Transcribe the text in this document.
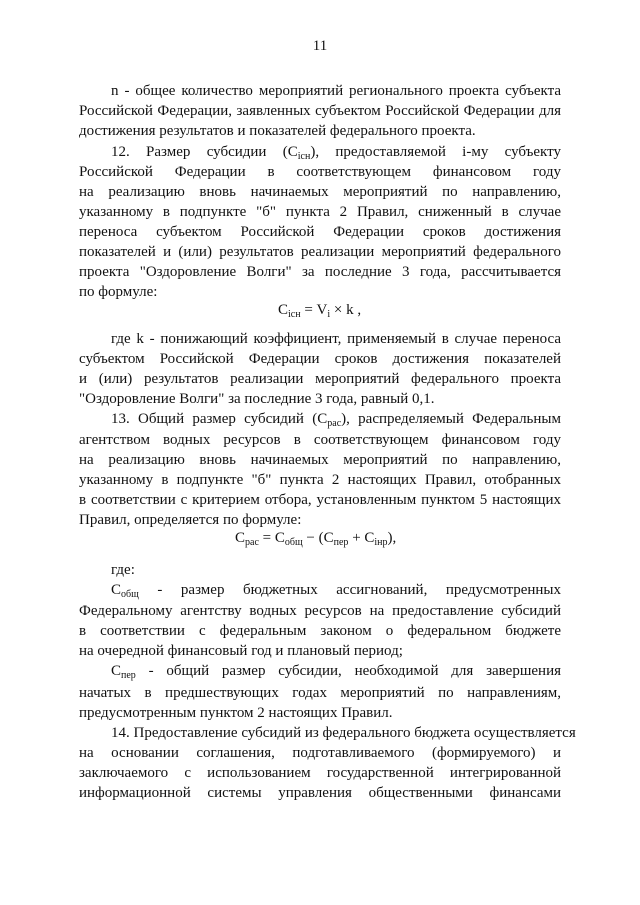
11
n - общее количество мероприятий регионального проекта субъекта
Российской Федерации, заявленных субъектом Российской Федерации для
достижения результатов и показателей федерального проекта.
12. Размер субсидии $(C_{iсн})$, предоставляемой i-му субъекту
Российской Федерации в соответствующем финансовом году
на реализацию вновь начинаемых мероприятий по направлению,
указанному в подпункте "б" пункта 2 Правил, сниженный в случае
переноса субъектом Российской Федерации сроков достижения
показателей и (или) результатов реализации мероприятий федерального
проекта "Оздоровление Волги" за последние 3 года, рассчитывается
по формуле:
$C_{iсн} = V_i \times k$ ,
где k - понижающий коэффициент, применяемый в случае переноса
субъектом Российской Федерации сроков достижения показателей
и (или) результатов реализации мероприятий федерального проекта
"Оздоровление Волги" за последние 3 года, равный 0,1.
13. Общий размер субсидий $(C_{рас})$, распределяемый Федеральным
агентством водных ресурсов в соответствующем финансовом году
на реализацию вновь начинаемых мероприятий по направлению,
указанному в подпункте "б" пункта 2 настоящих Правил, отобранных
в соответствии с критерием отбора, установленным пунктом 5 настоящих
Правил, определяется по формуле:
$C_{рас} = C_{общ} - (C_{пер} + C_{iнр})$,
где:
$C_{общ}$ - размер бюджетных ассигнований, предусмотренных
Федеральному агентству водных ресурсов на предоставление субсидий
в соответствии с федеральным законом о федеральном бюджете
на очередной финансовый год и плановый период;
$C_{пер}$ - общий размер субсидии, необходимой для завершения
начатых в предшествующих годах мероприятий по направлениям,
предусмотренным пунктом 2 настоящих Правил.
14. Предоставление субсидий из федерального бюджета осуществляется
на основании соглашения, подготавливаемого (формируемого) и
заключаемого с использованием государственной интегрированной
информационной системы управления общественными финансами
